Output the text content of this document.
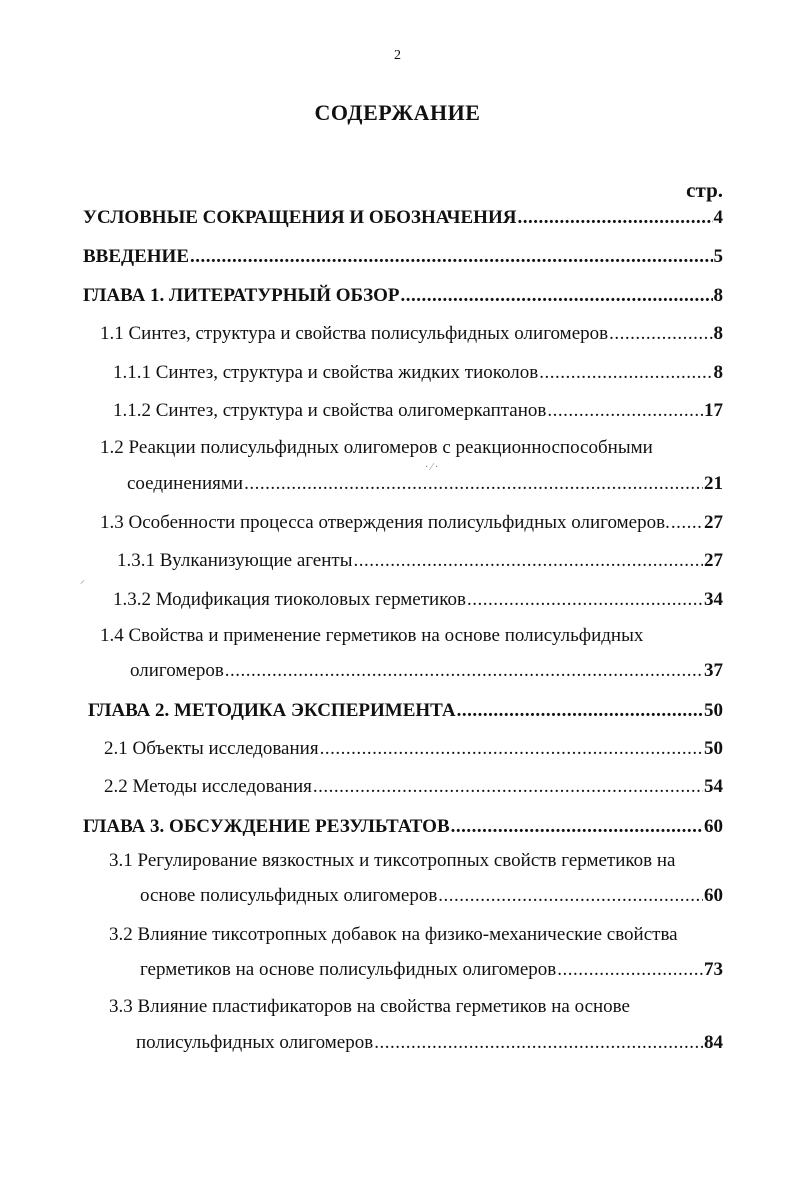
2
СОДЕРЖАНИЕ
стр.
УСЛОВНЫЕ СОКРАЩЕНИЯ И ОБОЗНАЧЕНИЯ .....	4
ВВЕДЕНИЕ .....	5
ГЛАВА 1. ЛИТЕРАТУРНЫЙ ОБЗОР .....	8
1.1 Синтез, структура и свойства полисульфидных олигомеров .....	8
1.1.1 Синтез, структура и свойства жидких тиоколов .....	8
1.1.2 Синтез, структура и свойства олигомеркаптанов .....	17
1.2 Реакции полисульфидных олигомеров с реакционноспособными
соединениями .....	21
1.3 Особенности процесса отверждения полисульфидных олигомеров. ..... 27
1.3.1 Вулканизующие агенты .....	27
1.3.2 Модификация тиоколовых герметиков .....	34
1.4 Свойства и применение герметиков на основе полисульфидных
олигомеров .....	37
ГЛАВА 2. МЕТОДИКА ЭКСПЕРИМЕНТА .....	50
2.1 Объекты исследования .....	50
2.2 Методы исследования .....	54
ГЛАВА 3. ОБСУЖДЕНИЕ РЕЗУЛЬТАТОВ .....	60
3.1 Регулирование вязкостных и тиксотропных свойств герметиков на
основе полисульфидных олигомеров .....	60
3.2 Влияние тиксотропных добавок на физико-механические свойства
герметиков на основе полисульфидных олигомеров .....	73
3.3 Влияние пластификаторов на свойства герметиков на основе
полисульфидных олигомеров .....	84
· ⁄ ·
⸝
